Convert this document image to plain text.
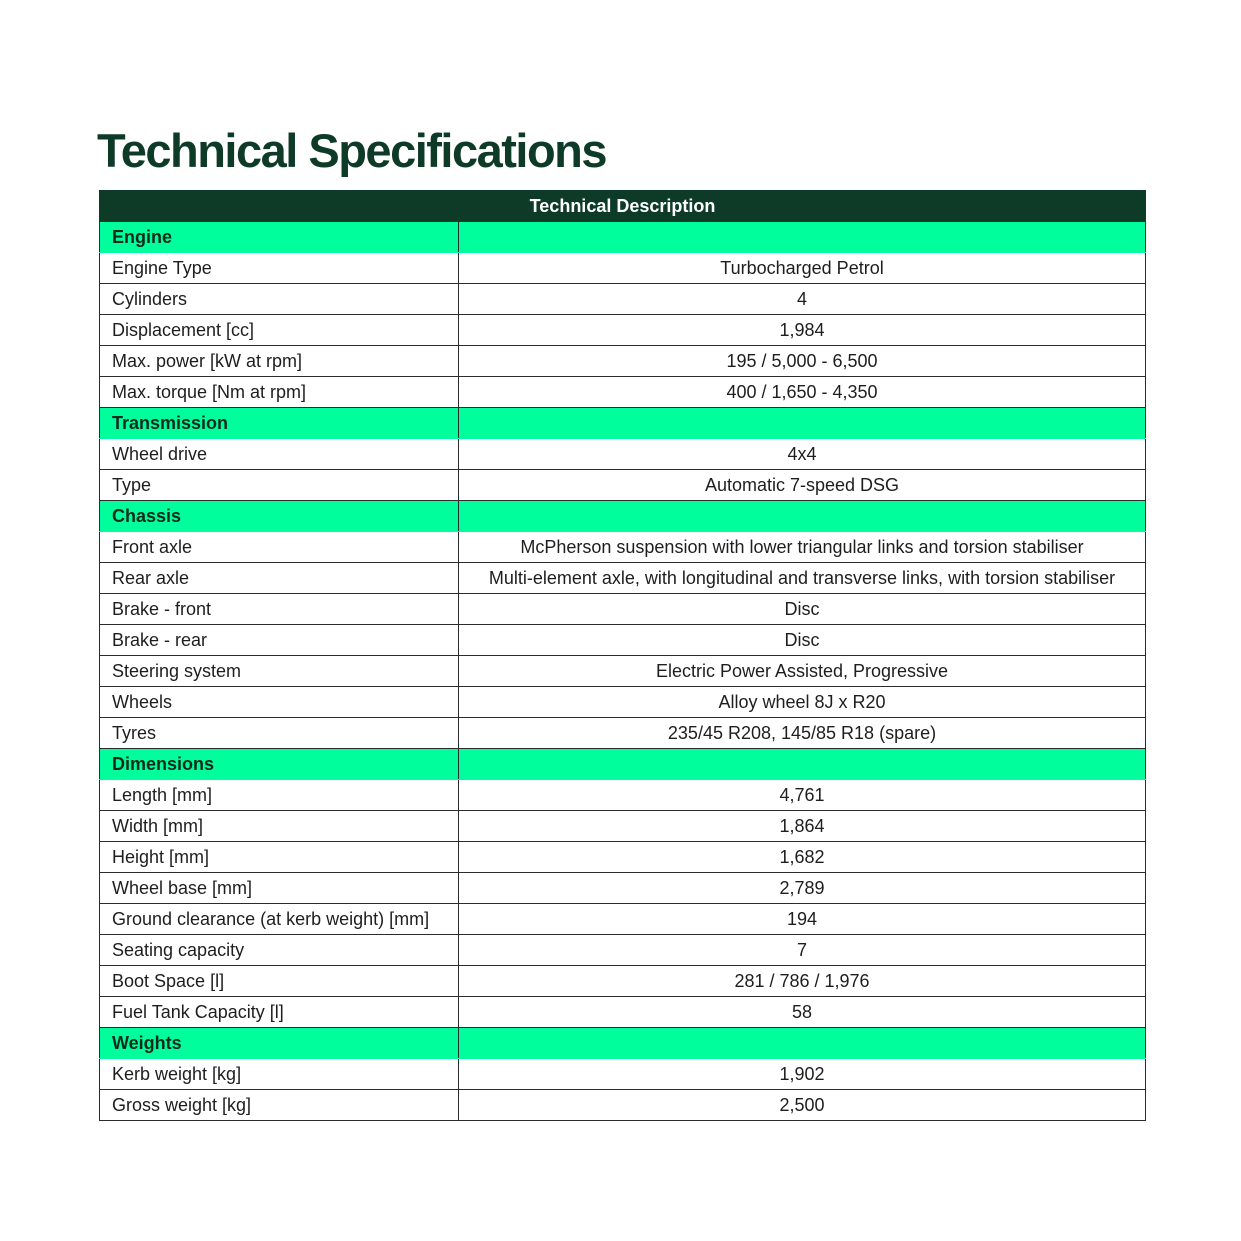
Technical Specifications
Technical Description	
Engine	
Engine Type	Turbocharged Petrol
Cylinders	4
Displacement [cc]	1,984
Max. power [kW at rpm]	195 / 5,000 - 6,500
Max. torque [Nm at rpm]	400 / 1,650 - 4,350
Transmission	
Wheel drive	4x4
Type	Automatic 7-speed DSG
Chassis	
Front axle	McPherson suspension with lower triangular links and torsion stabiliser
Rear axle	Multi-element axle, with longitudinal and transverse links, with torsion stabiliser
Brake - front	Disc
Brake - rear	Disc
Steering system	Electric Power Assisted, Progressive
Wheels	Alloy wheel 8J x R20
Tyres	235/45 R208, 145/85 R18 (spare)
Dimensions	
Length [mm]	4,761
Width [mm]	1,864
Height [mm]	1,682
Wheel base [mm]	2,789
Ground clearance (at kerb weight) [mm]	194
Seating capacity	7
Boot Space [l]	281 / 786 / 1,976
Fuel Tank Capacity [l]	58
Weights	
Kerb weight [kg]	1,902
Gross weight [kg]	2,500
